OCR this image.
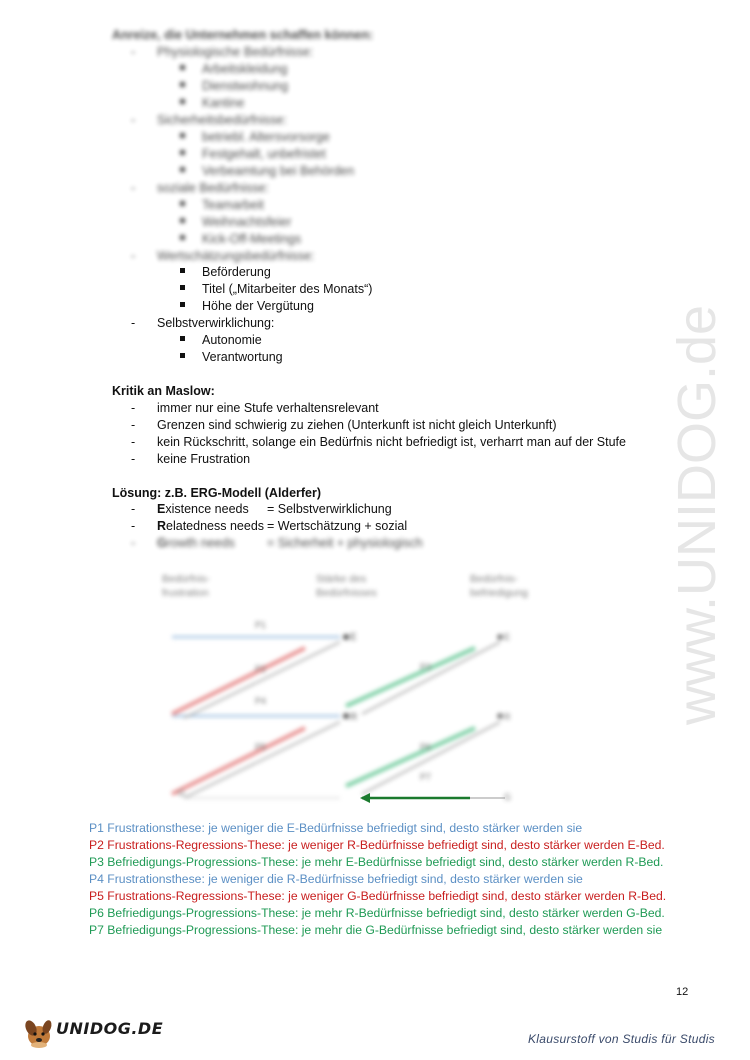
Anreize, die Unternehmen schaffen können:
- Physiologische Bedürfnisse:
Arbeitskleidung
Dienstwohnung
Kantine
- Sicherheitsbedürfnisse:
betriebl. Altersvorsorge
Festgehalt, unbefristet
Verbeamtung bei Behörden
- soziale Bedürfnisse:
Teamarbeit
Weihnachtsfeier
Kick-Off-Meetings
- Wertschätzungsbedürfnisse:
Beförderung
Titel („Mitarbeiter des Monats“)
Höhe der Vergütung
- Selbstverwirklichung:
Autonomie
Verantwortung
Kritik an Maslow:
- immer nur eine Stufe verhaltensrelevant
- Grenzen sind schwierig zu ziehen (Unterkunft ist nicht gleich Unterkunft)
- kein Rückschritt, solange ein Bedürfnis nicht befriedigt ist, verharrt man auf der Stufe
- keine Frustration
Lösung: z.B. ERG-Modell (Alderfer)
- Existence needs = Selbstverwirklichung
- Relatedness needs = Wertschätzung + sozial
- Growth needs	= Sicherheit + physiologisch
Bedürfnis-
frustration
Stärke des
Bedürfnisses
Bedürfnis-
befriedigung
E
R
E
R
G	G
P1
P2	P3
P4
P5	P6
P7
P1 Frustrationsthese: je weniger die E-Bedürfnisse befriedigt sind, desto stärker werden sie
P2 Frustrations-Regressions-These: je weniger R-Bedürfnisse befriedigt sind, desto stärker werden E-Bed.
P3 Befriedigungs-Progressions-These: je mehr E-Bedürfnisse befriedigt sind, desto stärker werden R-Bed.
P4 Frustrationsthese: je weniger die R-Bedürfnisse befriedigt sind, desto stärker werden sie
P5 Frustrations-Regressions-These: je weniger G-Bedürfnisse befriedigt sind, desto stärker werden R-Bed.
P6 Befriedigungs-Progressions-These: je mehr R-Bedürfnisse befriedigt sind, desto stärker werden G-Bed.
P7 Befriedigungs-Progressions-These: je mehr die G-Bedürfnisse befriedigt sind, desto stärker werden sie
www.UNIDOG.de
12
UNIDOG.DE
Klausurstoff von Studis für Studis
